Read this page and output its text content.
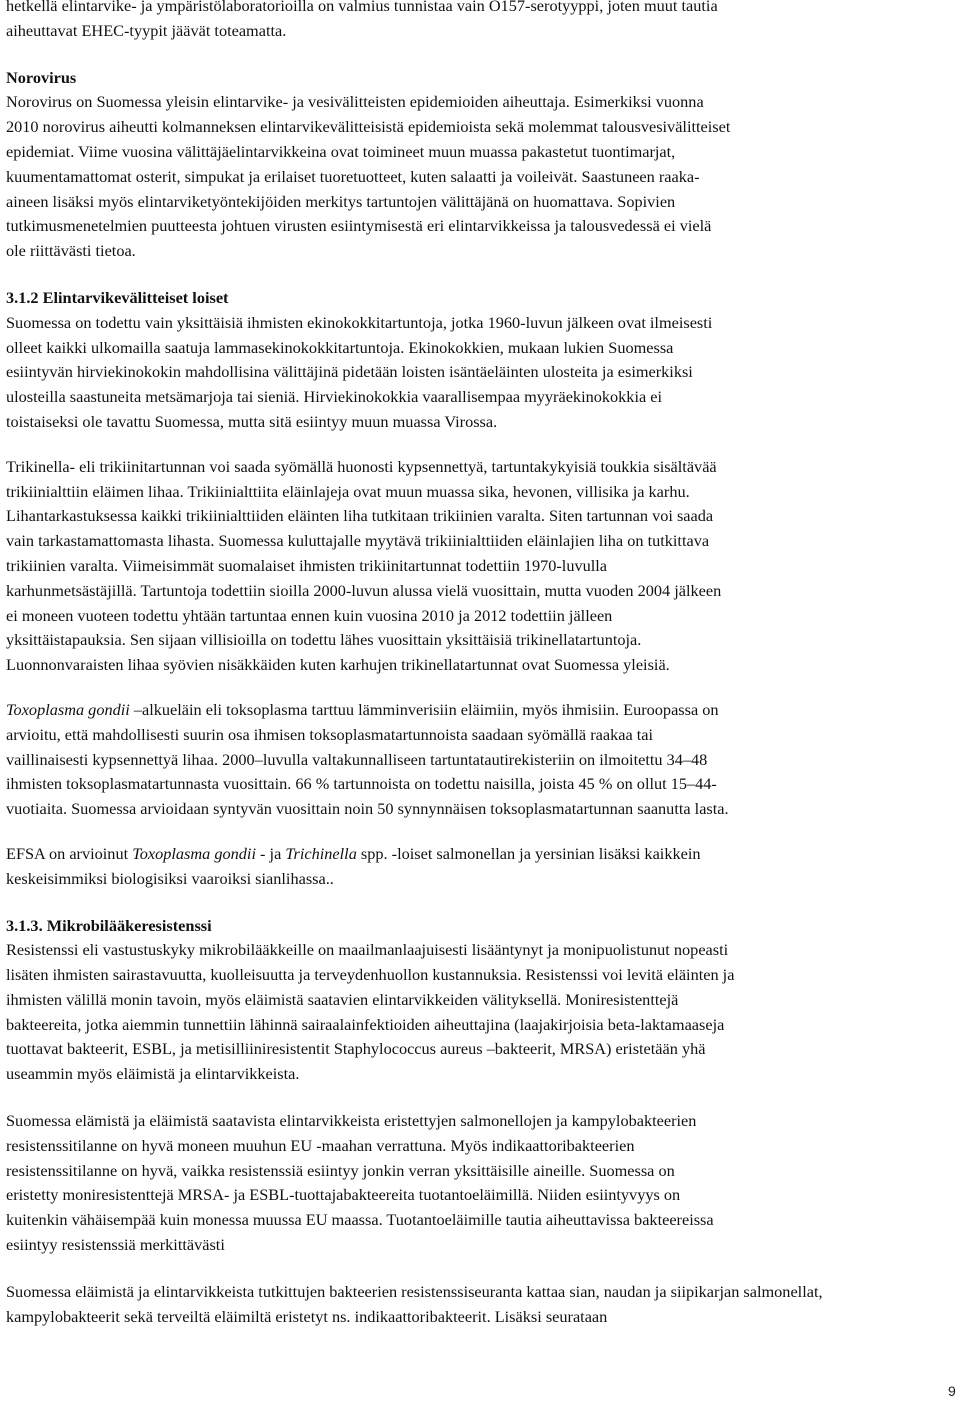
hetkellä elintarvike- ja ympäristölaboratorioilla on valmius tunnistaa vain O157-serotyyppi, joten muut tautia
aiheuttavat EHEC-tyypit jäävät toteamatta.
Norovirus
Norovirus on Suomessa yleisin elintarvike- ja vesivälitteisten epidemioiden aiheuttaja. Esimerkiksi vuonna
2010 norovirus aiheutti kolmanneksen elintarvikevälitteisistä epidemioista sekä molemmat talousvesivälitteiset
epidemiat. Viime vuosina välittäjäelintarvikkeina ovat toimineet muun muassa pakastetut tuontimarjat,
kuumentamattomat osterit, simpukat ja erilaiset tuoretuotteet, kuten salaatti ja voileivät. Saastuneen raaka-
aineen lisäksi myös elintarviketyöntekijöiden merkitys tartuntojen välittäjänä on huomattava. Sopivien
tutkimusmenetelmien puutteesta johtuen virusten esiintymisestä eri elintarvikkeissa ja talousvedessä ei vielä
ole riittävästi tietoa.
3.1.2 Elintarvikevälitteiset loiset
Suomessa on todettu vain yksittäisiä ihmisten ekinokokkitartuntoja, jotka 1960-luvun jälkeen ovat ilmeisesti
olleet kaikki ulkomailla saatuja lammasekinokokkitartuntoja. Ekinokokkien, mukaan lukien Suomessa
esiintyvän hirviekinokokin mahdollisina välittäjinä pidetään loisten isäntäeläinten ulosteita ja esimerkiksi
ulosteilla saastuneita metsämarjoja tai sieniä. Hirviekinokokkia vaarallisempaa myyräekinokokkia ei
toistaiseksi ole tavattu Suomessa, mutta sitä esiintyy muun muassa Virossa.
Trikinella- eli trikiinitartunnan voi saada syömällä huonosti kypsennettyä, tartuntakykyisiä toukkia sisältävää
trikiinialttiin eläimen lihaa. Trikiinialttiita eläinlajeja ovat muun muassa sika, hevonen, villisika ja karhu.
Lihantarkastuksessa kaikki trikiinialttiiden eläinten liha tutkitaan trikiinien varalta. Siten tartunnan voi saada
vain tarkastamattomasta lihasta. Suomessa kuluttajalle myytävä trikiinialttiiden eläinlajien liha on tutkittava
trikiinien varalta. Viimeisimmät suomalaiset ihmisten trikiinitartunnat todettiin 1970-luvulla
karhunmetsästäjillä. Tartuntoja todettiin sioilla 2000-luvun alussa vielä vuosittain, mutta vuoden 2004 jälkeen
ei moneen vuoteen todettu yhtään tartuntaa ennen kuin vuosina 2010 ja 2012 todettiin jälleen
yksittäistapauksia. Sen sijaan villisioilla on todettu lähes vuosittain yksittäisiä trikinellatartuntoja.
Luonnonvaraisten lihaa syövien nisäkkäiden kuten karhujen trikinellatartunnat ovat Suomessa yleisiä.
Toxoplasma gondii –alkueläin eli toksoplasma tarttuu lämminverisiin eläimiin, myös ihmisiin. Euroopassa on
arvioitu, että mahdollisesti suurin osa ihmisen toksoplasmatartunnoista saadaan syömällä raakaa tai
vaillinaisesti kypsennettyä lihaa. 2000–luvulla valtakunnalliseen tartuntatautirekisteriin on ilmoitettu 34–48
ihmisten toksoplasmatartunnasta vuosittain. 66 % tartunnoista on todettu naisilla, joista 45 % on ollut 15–44-
vuotiaita. Suomessa arvioidaan syntyvän vuosittain noin 50 synnynnäisen toksoplasmatartunnan saanutta lasta.
EFSA on arvioinut Toxoplasma gondii - ja Trichinella spp. -loiset salmonellan ja yersinian lisäksi kaikkein
keskeisimmiksi biologisiksi vaaroiksi sianlihassa..
3.1.3. Mikrobilääkeresistenssi
Resistenssi eli vastustuskyky mikrobilääkkeille on maailmanlaajuisesti lisääntynyt ja monipuolistunut nopeasti
lisäten ihmisten sairastavuutta, kuolleisuutta ja terveydenhuollon kustannuksia. Resistenssi voi levitä eläinten ja
ihmisten välillä monin tavoin, myös eläimistä saatavien elintarvikkeiden välityksellä. Moniresistenttejä
bakteereita, jotka aiemmin tunnettiin lähinnä sairaalainfektioiden aiheuttajina (laajakirjoisia beta-laktamaaseja
tuottavat bakteerit, ESBL, ja metisilliiniresistentit Staphylococcus aureus –bakteerit, MRSA) eristetään yhä
useammin myös eläimistä ja elintarvikkeista.
Suomessa elämistä ja eläimistä saatavista elintarvikkeista eristettyjen salmonellojen ja kampylobakteerien
resistenssitilanne on hyvä moneen muuhun EU -maahan verrattuna. Myös indikaattoribakteerien
resistenssitilannе on hyvä, vaikka resistenssiä esiintyy jonkin verran yksittäisille aineille. Suomessa on
eristetty moniresistenttejä MRSA- ja ESBL-tuottajabakteereita tuotantoeläimillä. Niiden esiintyvyys on
kuitenkin vähäisempää kuin monessa muussa EU maassa. Tuotantoeläimille tautia aiheuttavissa bakteereissa
esiintyy resistenssiä merkittävästi
Suomessa eläimistä ja elintarvikkeista tutkittujen bakteerien resistenssiseuranta kattaa sian, naudan ja siipikarjan salmonellat,
kampylobakteerit sekä terveiltä eläimiltä eristetyt ns. indikaattoribakteerit. Lisäksi seurataan
9
